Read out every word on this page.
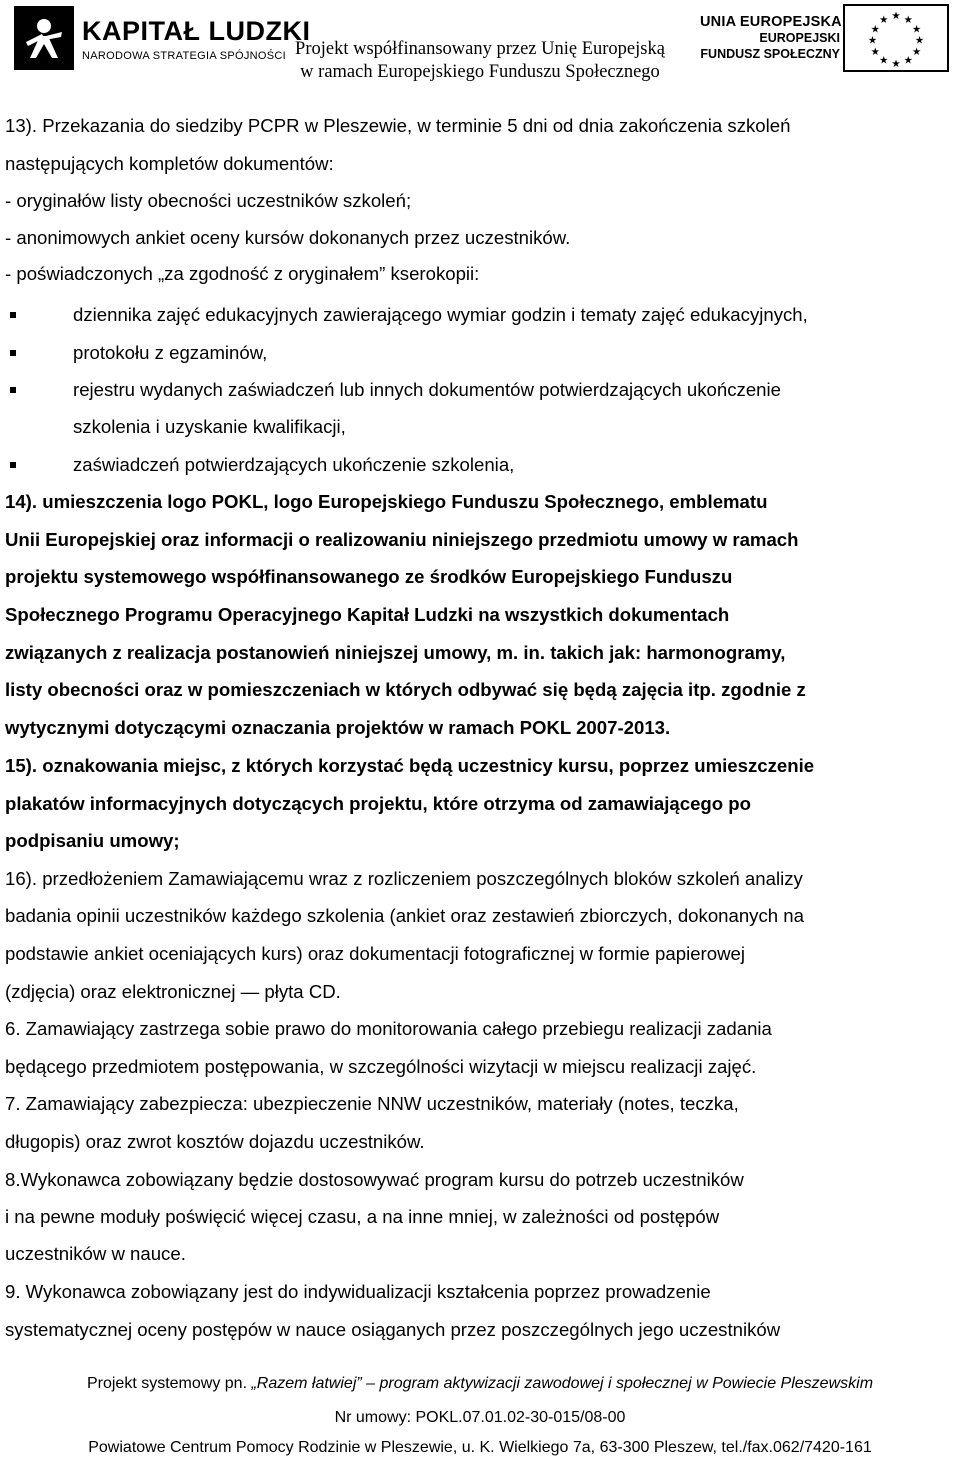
KAPITAŁ LUDZKI
NARODOWA STRATEGIA SPÓJNOŚCI Projekt współfinansowany przez Unię Europejską
w ramach Europejskiego Funduszu Społecznego
UNIA EUROPEJSKA
EUROPEJSKI
FUNDUSZ SPOŁECZNY
★ ★
★
★
★
★
★
★
★
★
★
★
13). Przekazania do siedziby PCPR w Pleszewie, w terminie 5 dni od dnia zakończenia szkoleń
następujących kompletów dokumentów:
- oryginałów listy obecności uczestników szkoleń;
- anonimowych ankiet oceny kursów dokonanych przez uczestników.
- poświadczonych „za zgodność z oryginałem” kserokopii:
dziennika zajęć edukacyjnych zawierającego wymiar godzin i tematy zajęć edukacyjnych,
protokołu z egzaminów,
rejestru wydanych zaświadczeń lub innych dokumentów potwierdzających ukończenie
szkolenia i uzyskanie kwalifikacji,
zaświadczeń potwierdzających ukończenie szkolenia,
14). umieszczenia logo POKL, logo Europejskiego Funduszu Społecznego, emblematu
Unii Europejskiej oraz informacji o realizowaniu niniejszego przedmiotu umowy w ramach
projektu systemowego współfinansowanego ze środków Europejskiego Funduszu
Społecznego Programu Operacyjnego Kapitał Ludzki na wszystkich dokumentach
związanych z realizacja postanowień niniejszej umowy, m. in. takich jak: harmonogramy,
listy obecności oraz w pomieszczeniach w których odbywać się będą zajęcia itp. zgodnie z
wytycznymi dotyczącymi oznaczania projektów w ramach POKL 2007-2013.
15). oznakowania miejsc, z których korzystać będą uczestnicy kursu, poprzez umieszczenie
plakatów informacyjnych dotyczących projektu, które otrzyma od zamawiającego po
podpisaniu umowy;
16). przedłożeniem Zamawiającemu wraz z rozliczeniem poszczególnych bloków szkoleń analizy
badania opinii uczestników każdego szkolenia (ankiet oraz zestawień zbiorczych, dokonanych na
podstawie ankiet oceniających kurs) oraz dokumentacji fotograficznej w formie papierowej
(zdjęcia) oraz elektronicznej — płyta CD.
6. Zamawiający zastrzega sobie prawo do monitorowania całego przebiegu realizacji zadania
będącego przedmiotem postępowania, w szczególności wizytacji w miejscu realizacji zajęć.
7. Zamawiający zabezpiecza: ubezpieczenie NNW uczestników, materiały (notes, teczka,
długopis) oraz zwrot kosztów dojazdu uczestników.
8.Wykonawca zobowiązany będzie dostosowywać program kursu do potrzeb uczestników
i na pewne moduły poświęcić więcej czasu, a na inne mniej, w zależności od postępów
uczestników w nauce.
9. Wykonawca zobowiązany jest do indywidualizacji kształcenia poprzez prowadzenie
systematycznej oceny postępów w nauce osiąganych przez poszczególnych jego uczestników
Projekt systemowy pn. „Razem łatwiej” – program aktywizacji zawodowej i społecznej w Powiecie Pleszewskim
Nr umowy: POKL.07.01.02-30-015/08-00
Powiatowe Centrum Pomocy Rodzinie w Pleszewie, u. K. Wielkiego 7a, 63-300 Pleszew, tel./fax.062/7420-161
